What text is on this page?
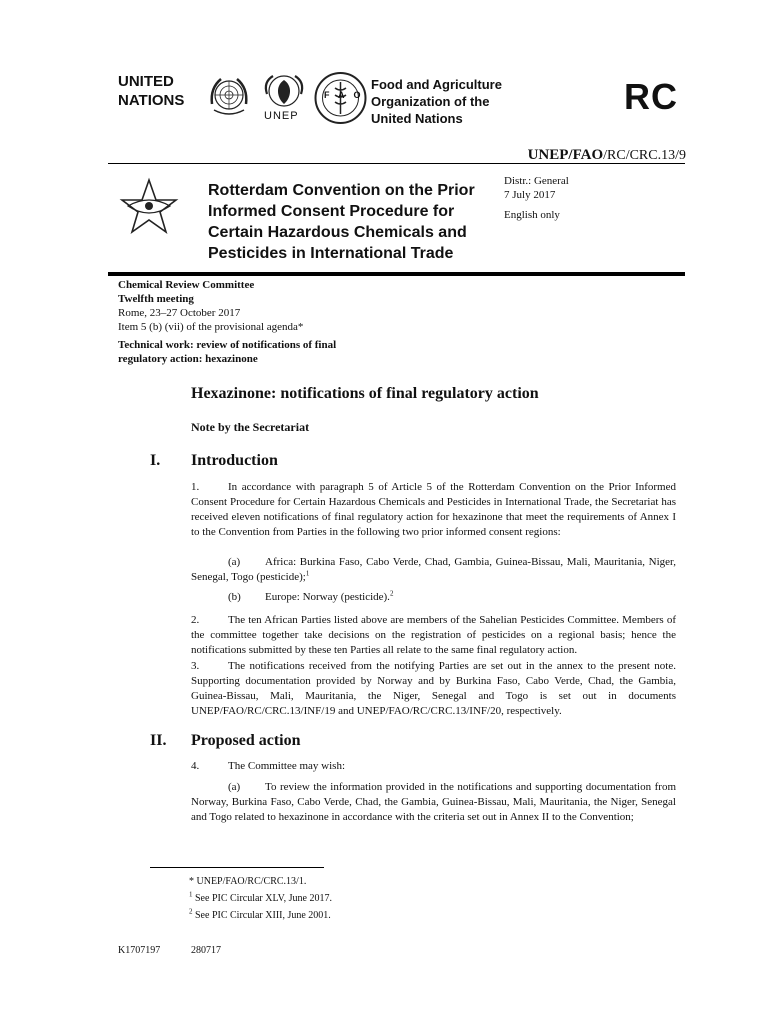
UNITED
NATIONS
UNEP
FAO
Food and Agriculture
Organization of the
United Nations
RC
UNEP/FAO/RC/CRC.13/9
Rotterdam Convention on the Prior
Informed Consent Procedure for
Certain Hazardous Chemicals and
Pesticides in International Trade
Distr.: General
7 July 2017
English only
Chemical Review Committee
Twelfth meeting
Rome, 23–27 October 2017
Item 5 (b) (vii) of the provisional agenda*
Technical work: review of notifications of final
regulatory action: hexazinone
Hexazinone: notifications of final regulatory action
Note by the Secretariat
I. Introduction
1.	In accordance with paragraph 5 of Article 5 of the Rotterdam Convention on the Prior Informed Consent Procedure for Certain Hazardous Chemicals and Pesticides in International Trade, the Secretariat has received eleven notifications of final regulatory action for hexazinone that meet the requirements of Annex I to the Convention from Parties in the following two prior informed consent regions:
(a) Africa: Burkina Faso, Cabo Verde, Chad, Gambia, Guinea-Bissau, Mali, Mauritania, Niger, Senegal, Togo (pesticide);$^1$
(b) Europe: Norway (pesticide).$^2$
2.	The ten African Parties listed above are members of the Sahelian Pesticides Committee. Members of the committee together take decisions on the registration of pesticides on a regional basis; hence the notifications submitted by these ten Parties all relate to the same final regulatory action.
3.	The notifications received from the notifying Parties are set out in the annex to the present note. Supporting documentation provided by Norway and by Burkina Faso, Cabo Verde, Chad, the Gambia, Guinea-Bissau, Mali, Mauritania, the Niger, Senegal and Togo is set out in documents UNEP/FAO/RC/CRC.13/INF/19 and UNEP/FAO/RC/CRC.13/INF/20, respectively.
II. Proposed action
4.	The Committee may wish:
(a) To review the information provided in the notifications and supporting documentation from Norway, Burkina Faso, Cabo Verde, Chad, the Gambia, Guinea-Bissau, Mali, Mauritania, the Niger, Senegal and Togo related to hexazinone in accordance with the criteria set out in Annex II to the Convention;
* UNEP/FAO/RC/CRC.13/1.
$^1$ See PIC Circular XLV, June 2017.
$^2$ See PIC Circular XIII, June 2001.
K1707197	280717
